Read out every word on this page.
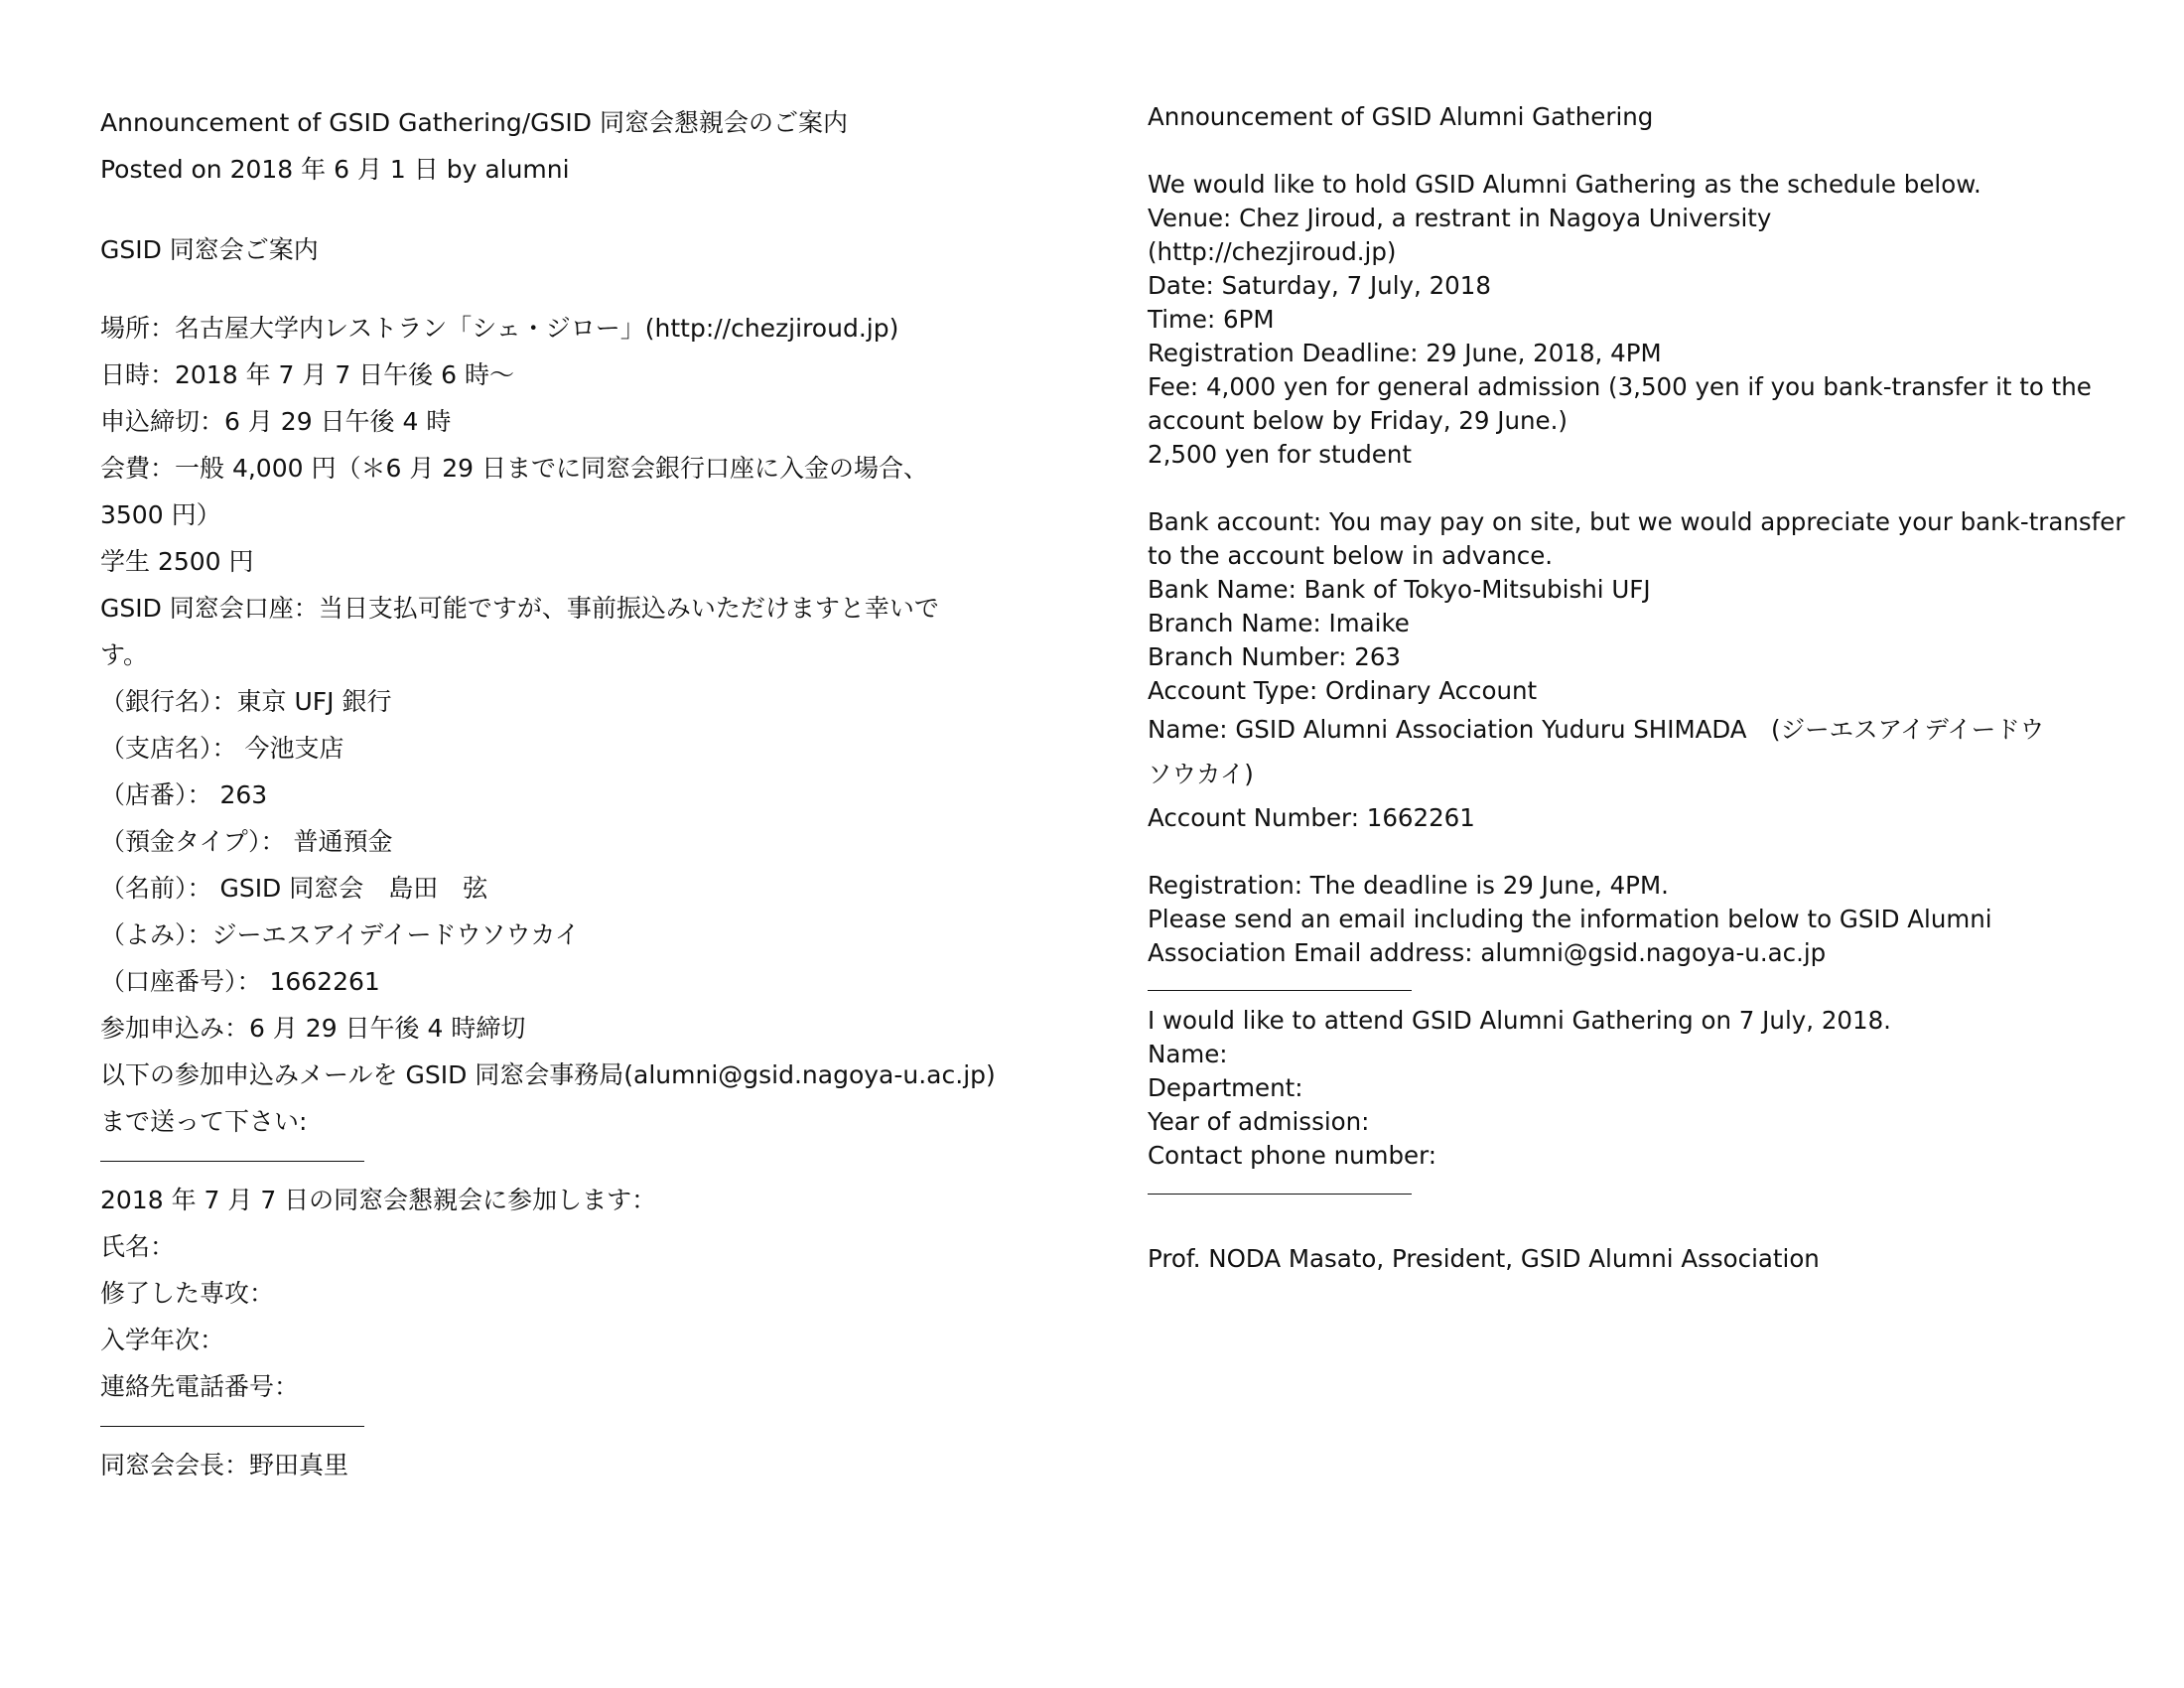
Announcement of GSID Gathering/GSID 同窓会懇親会のご案内
Posted on 2018 年 6 月 1 日 by alumni
GSID 同窓会ご案内
場所：名古屋大学内レストラン「シェ・ジロー」(http://chezjiroud.jp)
日時：2018 年 7 月 7 日午後 6 時～
申込締切：6 月 29 日午後 4 時
会費：一般 4,000 円（＊6 月 29 日までに同窓会銀行口座に入金の場合、
3500 円）
学生 2500 円
GSID 同窓会口座：当日支払可能ですが、事前振込みいただけますと幸いで
す。
（銀行名）：東京 UFJ 銀行
（支店名）： 今池支店
（店番）： 263
（預金タイプ）： 普通預金
（名前）： GSID 同窓会　島田　弦
（よみ）：ジーエスアイデイードウソウカイ
（口座番号）： 1662261
参加申込み：6 月 29 日午後 4 時締切
以下の参加申込みメールを GSID 同窓会事務局(alumni@gsid.nagoya-u.ac.jp)
まで送って下さい:
2018 年 7 月 7 日の同窓会懇親会に参加します：
氏名：
修了した専攻：
入学年次：
連絡先電話番号：
同窓会会長：野田真里
Announcement of GSID Alumni Gathering
We would like to hold GSID Alumni Gathering as the schedule below.
Venue: Chez Jiroud, a restrant in Nagoya University
(http://chezjiroud.jp)
Date: Saturday, 7 July, 2018
Time: 6PM
Registration Deadline: 29 June, 2018, 4PM
Fee: 4,000 yen for general admission (3,500 yen if you bank-transfer it to the
account below by Friday, 29 June.)
2,500 yen for student
Bank account: You may pay on site, but we would appreciate your bank-transfer
to the account below in advance.
Bank Name: Bank of Tokyo-Mitsubishi UFJ
Branch Name: Imaike
Branch Number: 263
Account Type: Ordinary Account
Name: GSID Alumni Association Yuduru SHIMADA　(ジーエスアイデイードウ
ソウカイ)
Account Number: 1662261
Registration: The deadline is 29 June, 4PM.
Please send an email including the information below to GSID Alumni
Association Email address: alumni@gsid.nagoya-u.ac.jp
I would like to attend GSID Alumni Gathering on 7 July, 2018.
Name:
Department:
Year of admission:
Contact phone number:
Prof. NODA Masato, President, GSID Alumni Association
